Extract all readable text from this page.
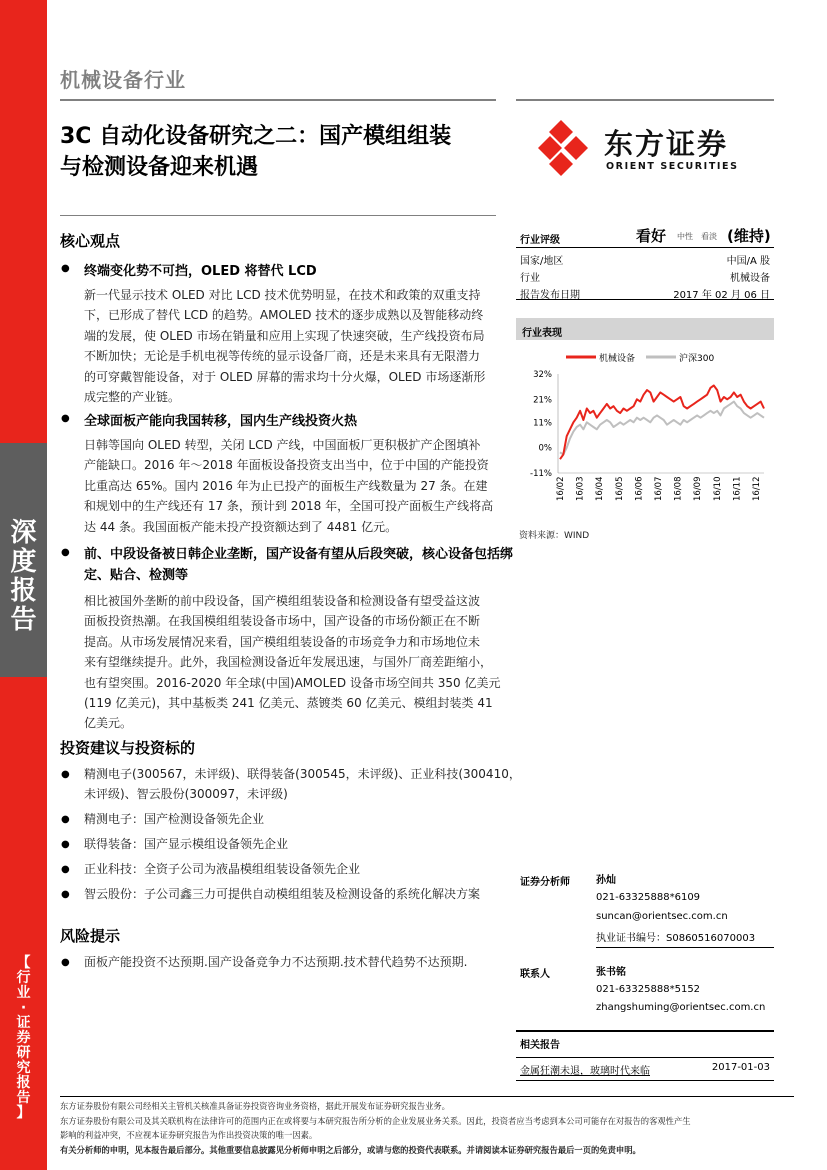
深
度
报
告
【
行
业
·
证
券
研
究
报
告
】
机械设备行业
3C 自动化设备研究之二：国产模组组装
与检测设备迎来机遇
东方证券
ORIENT SECURITIES
核心观点
● 终端变化势不可挡，OLED 将替代 LCD
新一代显示技术 OLED 对比 LCD 技术优势明显，在技术和政策的双重支持
下，已形成了替代 LCD 的趋势。AMOLED 技术的逐步成熟以及智能移动终
端的发展，使 OLED 市场在销量和应用上实现了快速突破，生产线投资布局
不断加快；无论是手机电视等传统的显示设备厂商，还是未来具有无限潜力
的可穿戴智能设备，对于 OLED 屏幕的需求均十分火爆，OLED 市场逐渐形
成完整的产业链。
● 全球面板产能向我国转移，国内生产线投资火热
日韩等国向 OLED 转型，关闭 LCD 产线，中国面板厂更积极扩产企图填补
产能缺口。2016 年～2018 年面板设备投资支出当中，位于中国的产能投资
比重高达 65%。国内 2016 年为止已投产的面板生产线数量为 27 条。在建
和规划中的生产线还有 17 条，预计到 2018 年，全国可投产面板生产线将高
达 44 条。我国面板产能未投产投资额达到了 4481 亿元。
● 前、中段设备被日韩企业垄断，国产设备有望从后段突破，核心设备包括绑
定、贴合、检测等
相比被国外垄断的前中段设备，国产模组组装设备和检测设备有望受益这波
面板投资热潮。在我国模组组装设备市场中，国产设备的市场份额正在不断
提高。从市场发展情况来看，国产模组组装设备的市场竞争力和市场地位未
来有望继续提升。此外，我国检测设备近年发展迅速，与国外厂商差距缩小，
也有望突围。2016-2020 年全球(中国)AMOLED 设备市场空间共 350 亿美元
(119 亿美元)，其中基板类 241 亿美元、蒸镀类 60 亿美元、模组封装类 41
亿美元。
投资建议与投资标的
● 精测电子(300567，未评级)、联得装备(300545，未评级)、正业科技(300410，
未评级)、智云股份(300097，未评级)
● 精测电子：国产检测设备领先企业
● 联得装备：国产显示模组设备领先企业
● 正业科技：全资子公司为液晶模组组装设备领先企业
● 智云股份：子公司鑫三力可提供自动模组组装及检测设备的系统化解决方案
风险提示
● 面板产能投资不达预期.国产设备竞争力不达预期.技术替代趋势不达预期.
行业评级	看好 中性 看淡 (维持)
国家/地区	中国/A 股
行业	机械设备
报告发布日期	2017 年 02 月 06 日
行业表现
机械设备	沪深300
32%
21%
11%
0%
-11%
16/02 16/03 16/04 16/05 16/06 16/07 16/08 16/09 16/10 16/11 16/12
资料来源：WIND
证券分析师	孙灿
021-63325888*6109
suncan@orientsec.com.cn
执业证书编号：S0860516070003
联系人	张书铭
021-63325888*5152
zhangshuming@orientsec.com.cn
相关报告
金属狂潮未退，玻璃时代来临	2017-01-03
东方证券股份有限公司经相关主管机关核准具备证券投资咨询业务资格，据此开展发布证券研究报告业务。
东方证券股份有限公司及其关联机构在法律许可的范围内正在或将要与本研究报告所分析的企业发展业务关系。因此，投资者应当考虑到本公司可能存在对报告的客观性产生
影响的利益冲突，不应视本证券研究报告为作出投资决策的唯一因素。
有关分析师的申明，见本报告最后部分。其他重要信息披露见分析师申明之后部分，或请与您的投资代表联系。并请阅读本证券研究报告最后一页的免责申明。
